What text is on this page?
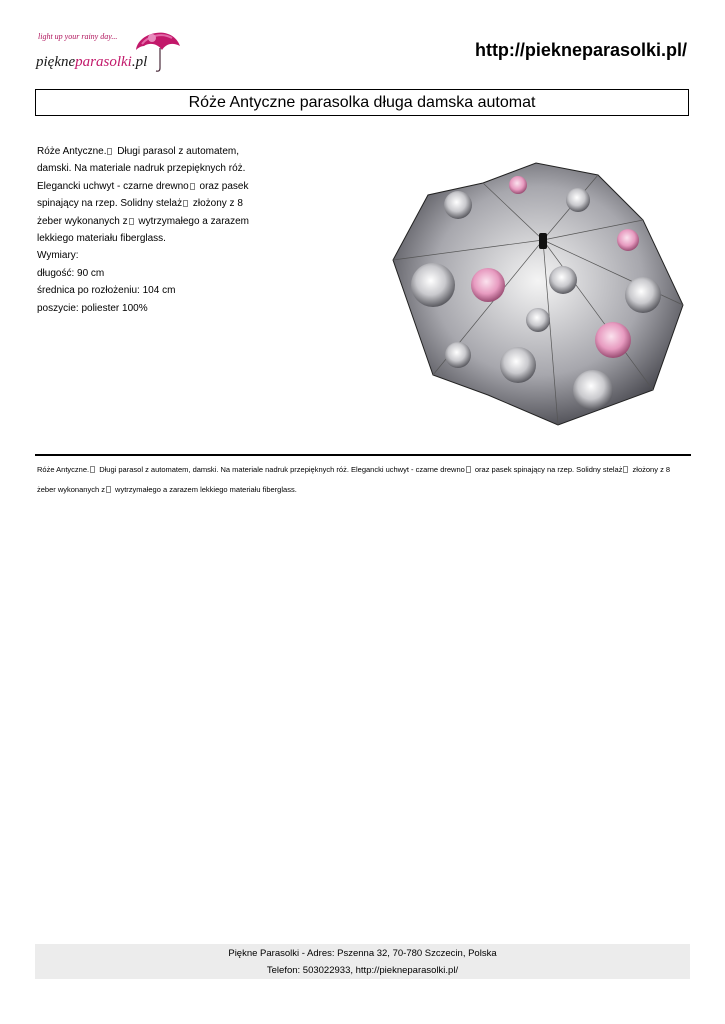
light up your rainy day...
piękneparasolki.pl
http://piekneparasolki.pl/
Róże Antyczne parasolka długa damska automat

Róże Antyczne. Długi parasol z automatem,

damski. Na materiale nadruk przepięknych róż.

Elegancki uchwyt - czarne drewno oraz pasek

spinający na rzep. Solidny stelaż złożony z 8

żeber wykonanych z wytrzymałego a zarazem

lekkiego materiału fiberglass.

Wymiary:

długość: 90 cm

średnica po rozłożeniu: 104 cm

poszycie: poliester 100%

Róże Antyczne. Długi parasol z automatem, damski. Na materiale nadruk przepięknych róż. Elegancki uchwyt - czarne drewno oraz pasek spinający na rzep. Solidny stelaż złożony z 8 żeber wykonanych z wytrzymałego a zarazem lekkiego materiału fiberglass.
Piękne Parasolki - Adres: Pszenna 32, 70-780 Szczecin, Polska
Telefon: 503022933, http://piekneparasolki.pl/
